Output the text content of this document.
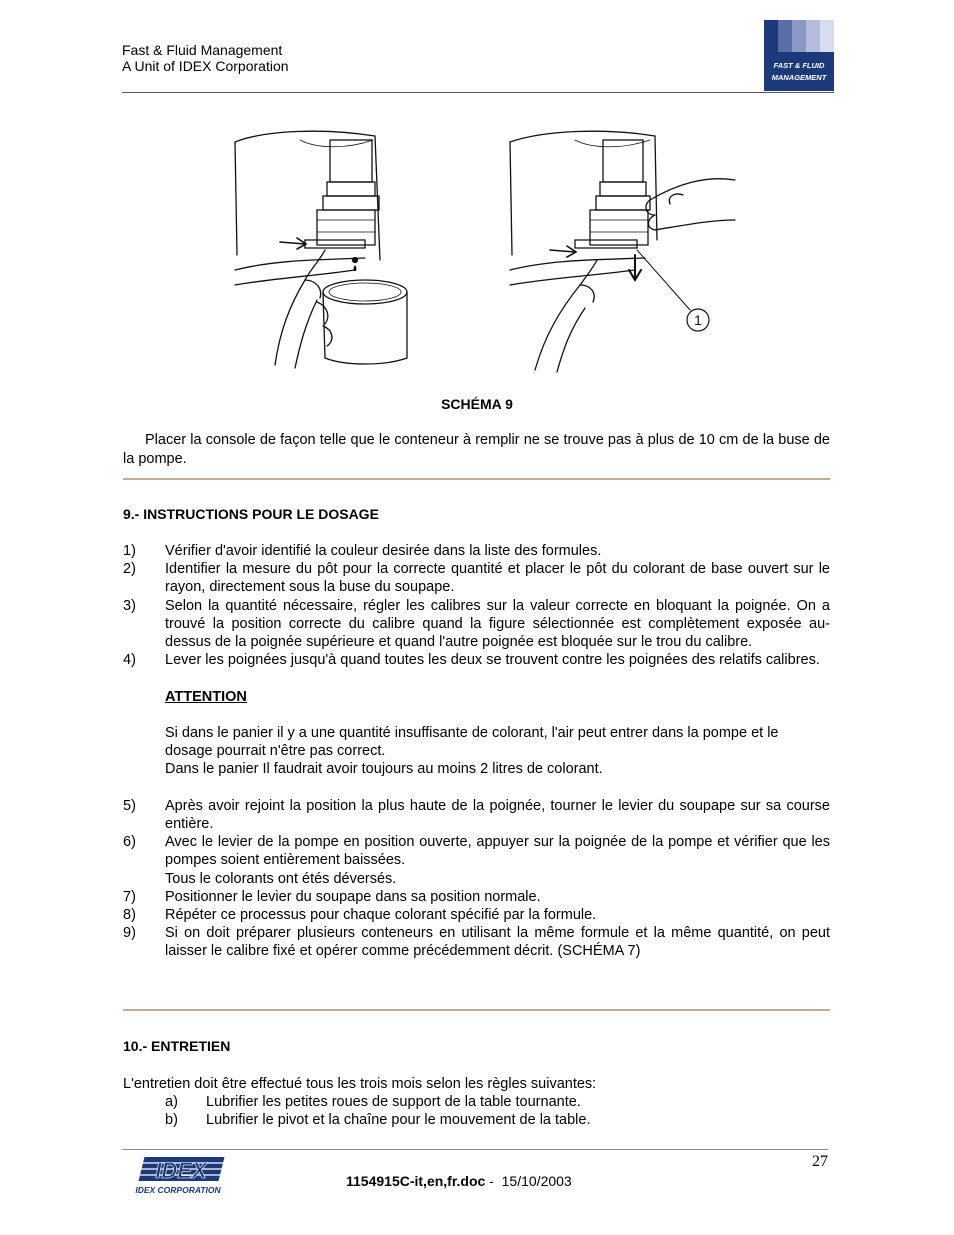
Fast & Fluid Management
A Unit of IDEX Corporation	FAST & FLUID
MANAGEMENT
1
SCHÉMA 9
Placer la console de façon telle que le conteneur à remplir ne se trouve pas à plus de 10 cm de la buse de la pompe.
9.- INSTRUCTIONS POUR LE DOSAGE
1) Vérifier d'avoir identifié la couleur desirée dans la liste des formules.
2) Identifier la mesure du pôt pour la correcte quantité et placer le pôt du colorant de base ouvert sur le rayon, directement sous la buse du soupape.
3) Selon la quantité nécessaire, régler les calibres sur la valeur correcte en bloquant la poignée. On a trouvé la position correcte du calibre quand la figure sélectionnée est complètement exposée au-dessus de la poignée supérieure et quand l'autre poignée est bloquée sur le trou du calibre.
4) Lever les poignées jusqu'à quand toutes les deux se trouvent contre les poignées des relatifs calibres.
ATTENTION
Si dans le panier il y a une quantité insuffisante de colorant, l'air peut entrer dans la pompe et le dosage pourrait n'être pas correct.
Dans le panier Il faudrait avoir toujours au moins 2 litres de colorant.
5) Après avoir rejoint la position la plus haute de la poignée, tourner le levier du soupape sur sa course entière.
6) Avec le levier de la pompe en position ouverte, appuyer sur la poignée de la pompe et vérifier que les pompes soient entièrement baissées.
Tous le colorants ont étés déversés.
7) Positionner le levier du soupape dans sa position normale.
8) Répéter ce processus pour chaque colorant spécifié par la formule.
9) Si on doit préparer plusieurs conteneurs en utilisant la même formule et la même quantité, on peut laisser le calibre fixé et opérer comme précédemment décrit. (SCHÉMA 7)
10.- ENTRETIEN
L'entretien doit être effectué tous les trois mois selon les règles suivantes:
a) Lubrifier les petites roues de support de la table tournante.
b) Lubrifier le pivot et la chaîne pour le mouvement de la table.
27
IDEX
IDEX CORPORATION
1154915C-it,en,fr.doc -  15/10/2003
